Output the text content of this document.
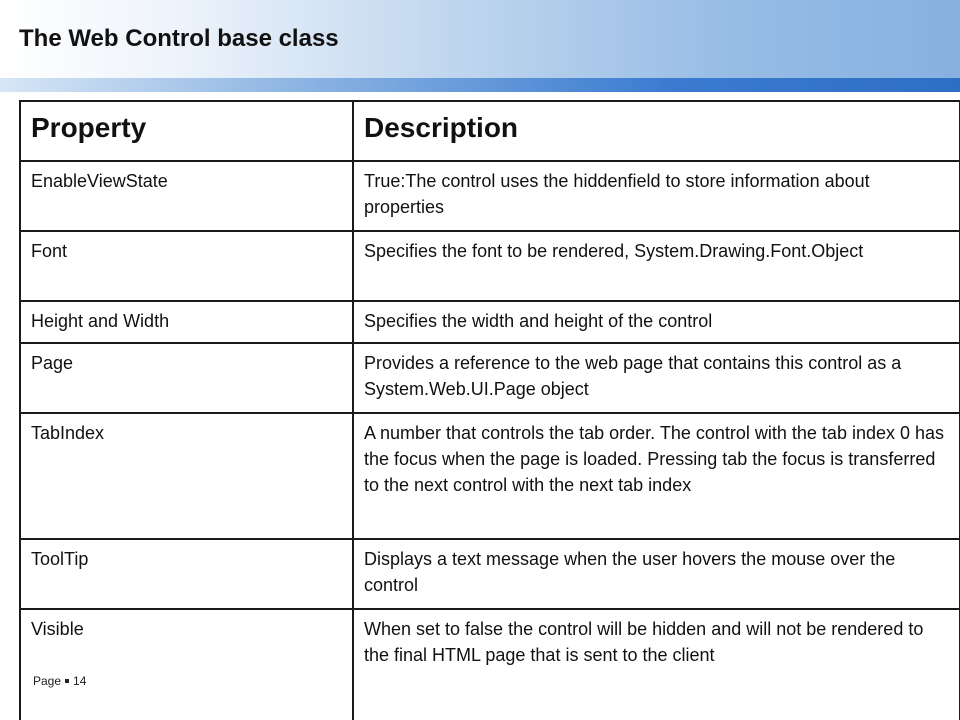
The Web Control base class
Property	Description
EnableViewState	True:The control uses the hiddenfield to store information about properties
Font	Specifies the font to be rendered, System.Drawing.Font.Object
Height and Width	Specifies the width and height of the control
Page	Provides a reference to the web page that contains this control as a System.Web.UI.Page object
TabIndex	A number that controls the tab order. The control with the tab index 0 has the focus when the page is loaded. Pressing tab the focus is transferred to the next control with the next tab index
ToolTip	Displays a text message when the user hovers the mouse over the control
Visible	When set to false the control will be hidden and will not be rendered to the final HTML page that is sent to the client
Page 14
